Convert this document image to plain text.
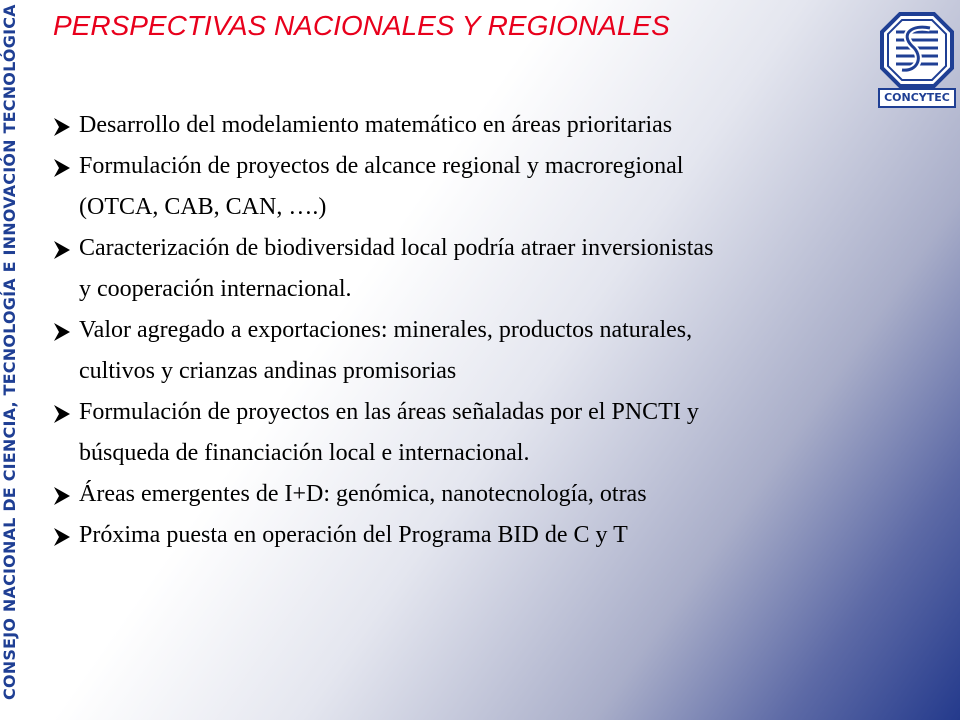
CONSEJO NACIONAL DE CIENCIA, TECNOLOGÍA E INNOVACIÓN TECNOLÓGICA PERSPECTIVAS NACIONALES Y REGIONALES
CONCYTEC
Desarrollo del modelamiento matemático en áreas prioritarias
Formulación de proyectos de alcance regional y macroregional
(OTCA, CAB, CAN, ….)
Caracterización de biodiversidad local podría atraer inversionistas
y cooperación internacional.
Valor agregado a exportaciones: minerales, productos naturales,
cultivos y crianzas andinas promisorias
Formulación de proyectos en las áreas señaladas por el PNCTI y
búsqueda de financiación local e internacional.
Áreas emergentes de I+D: genómica, nanotecnología, otras
Próxima puesta en operación del Programa BID de C y T
